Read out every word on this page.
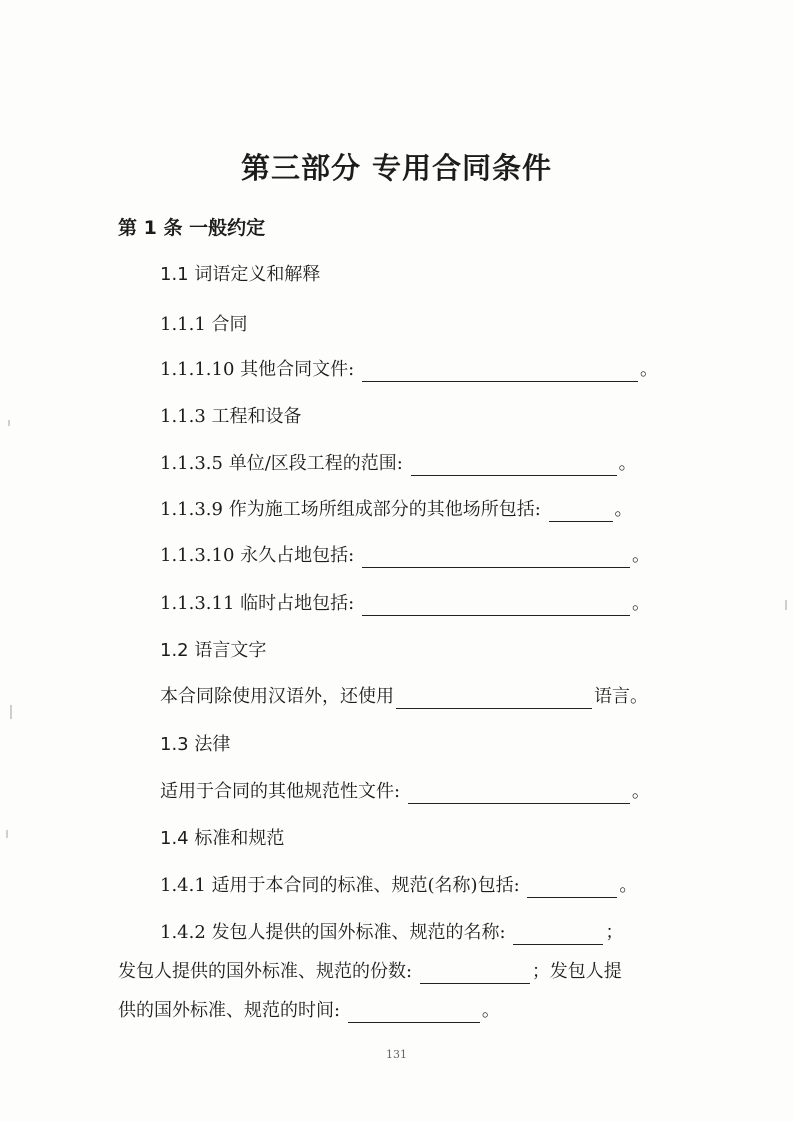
第三部分 专用合同条件
第 1 条 一般约定
1.1 词语定义和解释
1.1.1 合同
1.1.1.10 其他合同文件:	。
1.1.3 工程和设备
1.1.3.5 单位/区段工程的范围:	。
1.1.3.9 作为施工场所组成部分的其他场所包括:	。
1.1.3.10 永久占地包括:	。
1.1.3.11 临时占地包括:	。
1.2 语言文字
本合同除使用汉语外，还使用	语言。
1.3 法律
适用于合同的其他规范性文件:	。
1.4 标准和规范
1.4.1 适用于本合同的标准、规范(名称)包括:	。
1.4.2 发包人提供的国外标准、规范的名称:	；
发包人提供的国外标准、规范的份数:	；发包人提
供的国外标准、规范的时间:	。
131
